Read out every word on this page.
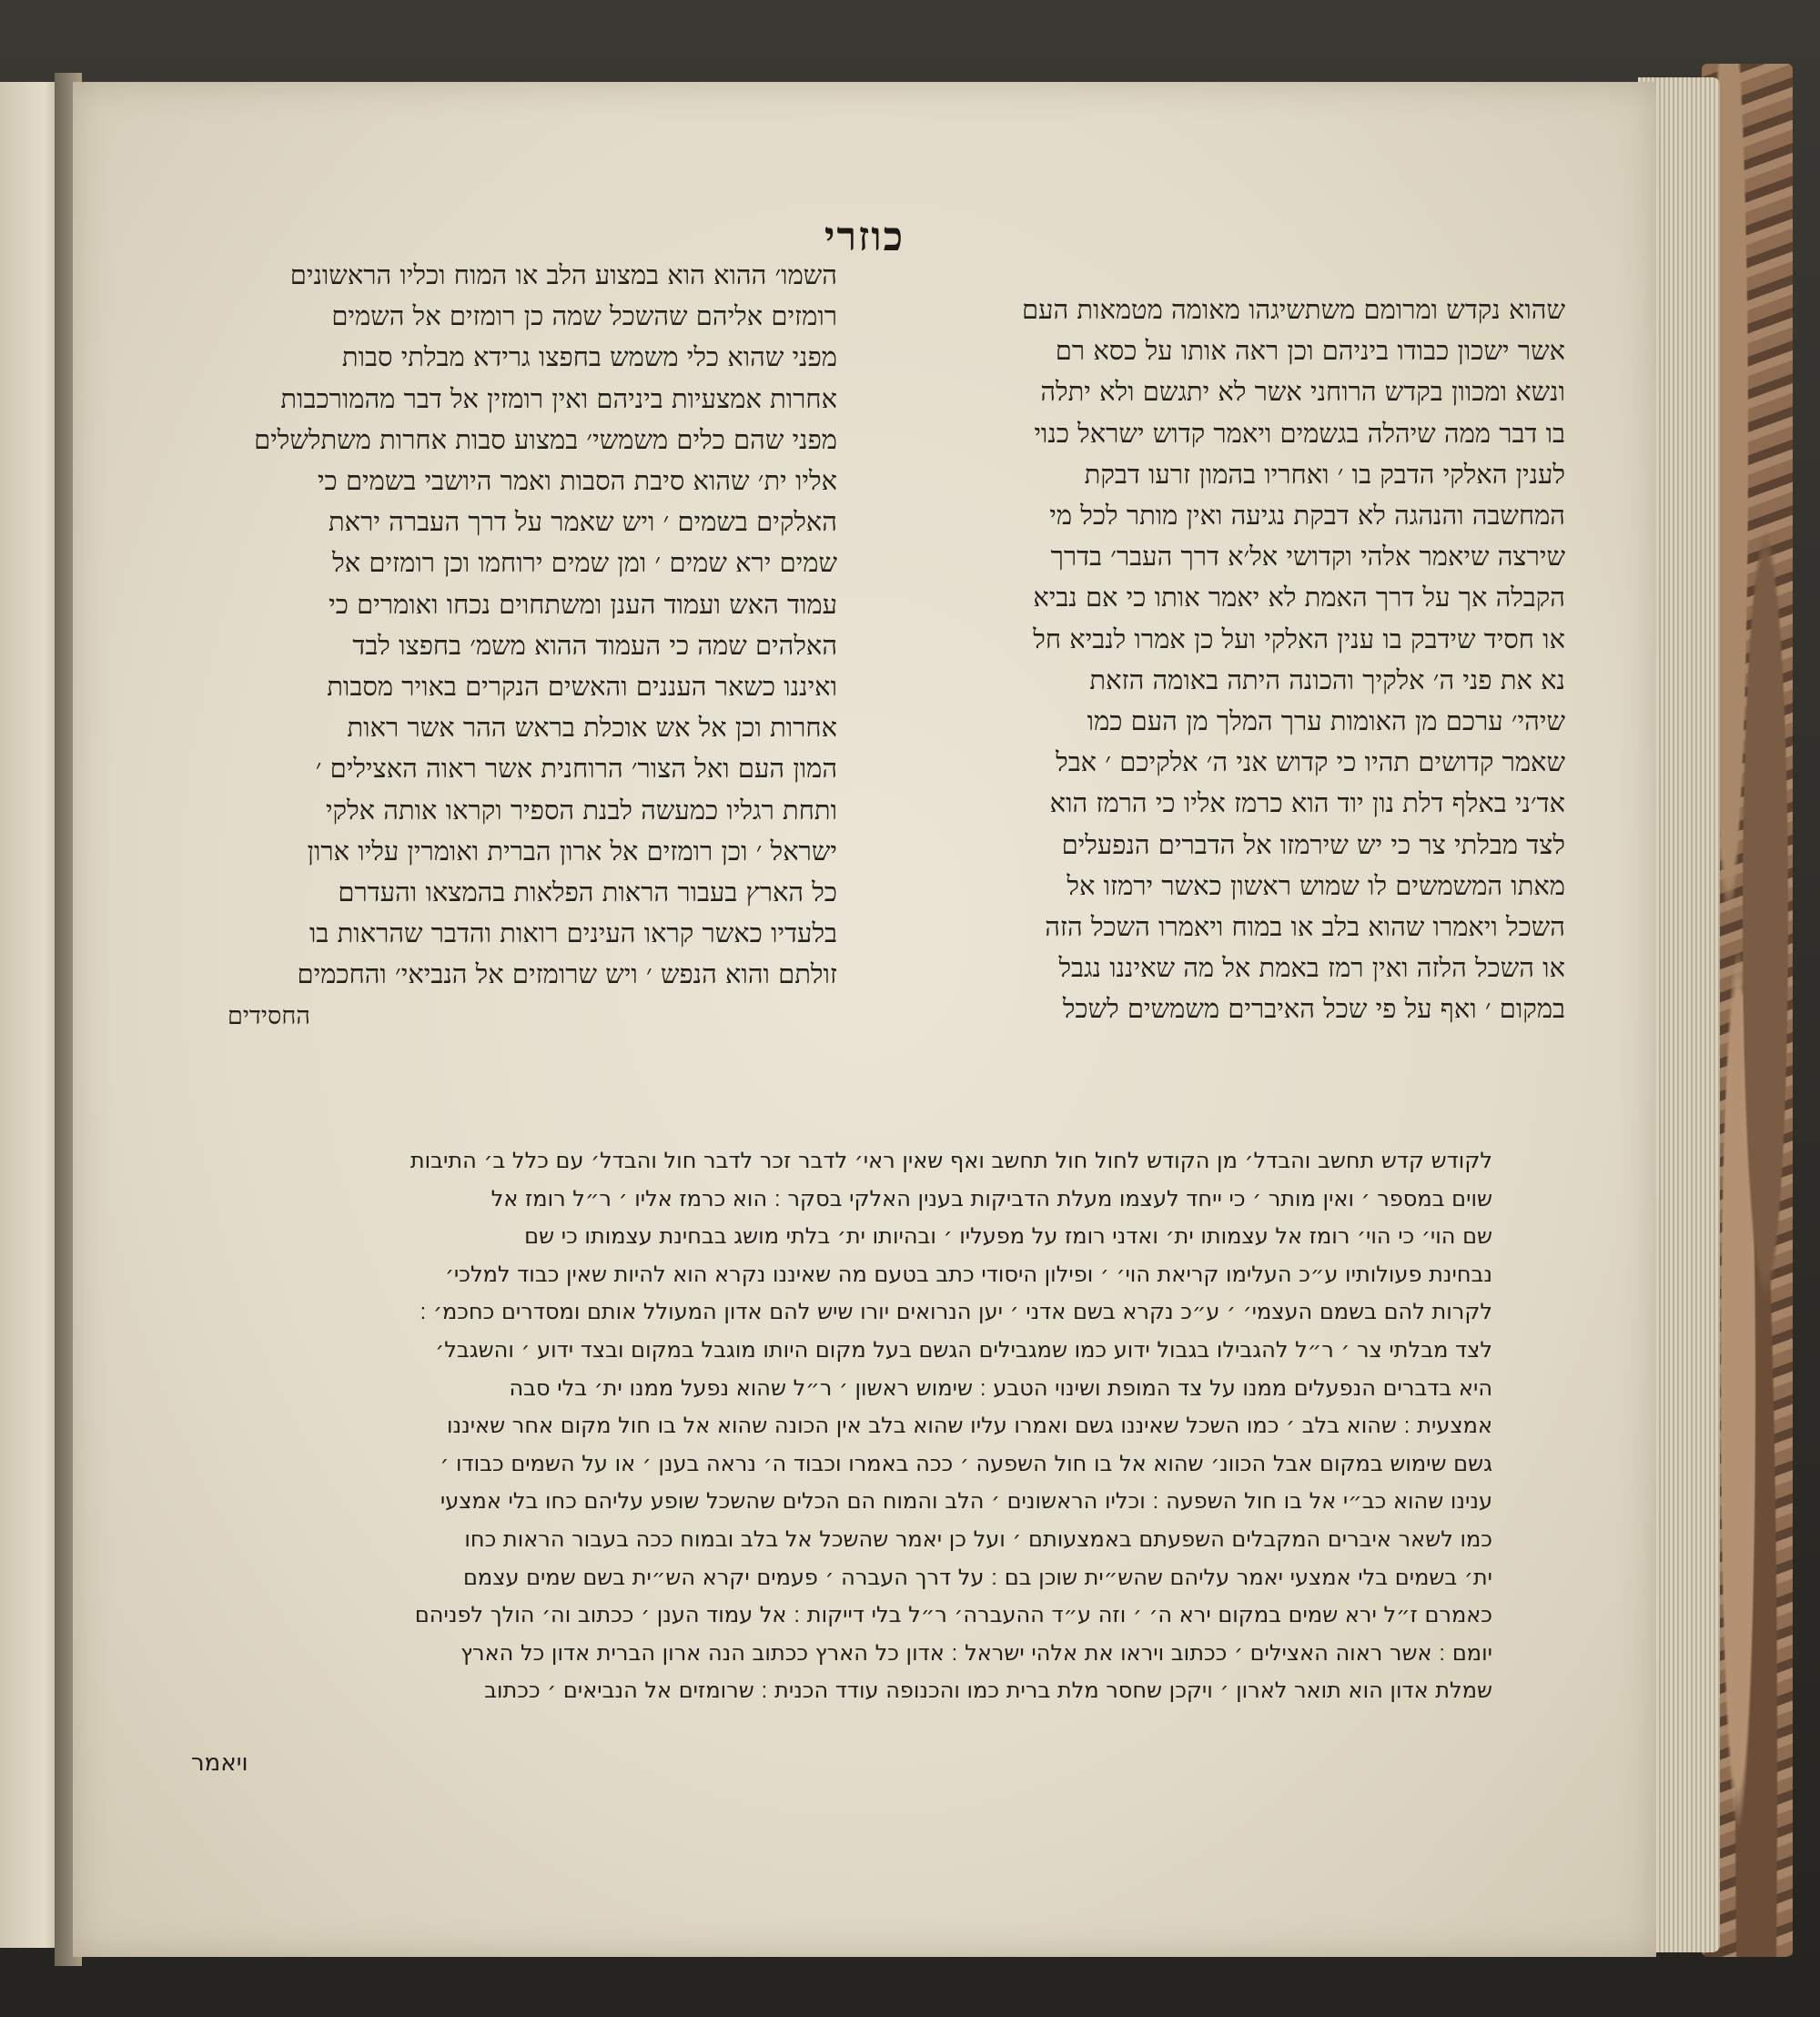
כוזרי
שהוא נקדש ומרומם משתשיגהו מאומה מטמאות העם
אשר ישכון כבודו ביניהם וכן ראה אותו על כסא רם
ונשא ומכוון בקדש הרוחני אשר לא יתגשם ולא יתלה
בו דבר ממה שיהלה בגשמים ויאמר קדוש ישראל כנוי
לענין האלקי הדבק בו ׳ ואחריו בהמון זרעו דבקת
המחשבה והנהגה לא דבקת נגיעה ואין מותר לכל מי
שירצה שיאמר אלהי וקדושי אל׳א דרך העבר׳ בדרך
הקבלה אך על דרך האמת לא יאמר אותו כי אם נביא
או חסיד שידבק בו ענין האלקי ועל כן אמרו לנביא חל
נא את פני ה׳ אלקיך והכונה היתה באומה הזאת
שיהי׳ ערכם מן האומות ערך המלך מן העם כמו
שאמר קדושים תהיו כי קדוש אני ה׳ אלקיכם ׳ אבל
אד׳ני באלף דלת נון יוד הוא כרמז אליו כי הרמז הוא
לצד מבלתי צר כי יש שירמזו אל הדברים הנפעלים
מאתו המשמשים לו שמוש ראשון כאשר ירמזו אל
השכל ויאמרו שהוא בלב או במוח ויאמרו השכל הזה
או השכל הלזה ואין רמז באמת אל מה שאיננו נגבל
במקום ׳ ואף על פי שכל האיברים משמשים לשכל
השמו׳ ההוא הוא במצוע הלב או המוח וכליו הראשונים
רומזים אליהם שהשכל שמה כן רומזים אל השמים
מפני שהוא כלי משמש בחפצו גרידא מבלתי סבות
אחרות אמצעיות ביניהם ואין רומזין אל דבר מהמורכבות
מפני שהם כלים משמשי׳ במצוע סבות אחרות משתלשלים
אליו ית׳ שהוא סיבת הסבות ואמר היושבי בשמים כי
האלקים בשמים ׳ ויש שאמר על דרך העברה יראת
שמים ירא שמים ׳ ומן שמים ירוחמו וכן רומזים אל
עמוד האש ועמוד הענן ומשתחוים נכחו ואומרים כי
האלהים שמה כי העמוד ההוא משמ׳ בחפצו לבד
ואיננו כשאר העננים והאשים הנקרים באויר מסבות
אחרות וכן אל אש אוכלת בראש ההר אשר ראות
המון העם ואל הצור׳ הרוחנית אשר ראוה האצילים ׳
ותחת רגליו כמעשה לבנת הספיר וקראו אותה אלקי
ישראל ׳ וכן רומזים אל ארון הברית ואומרין עליו ארון
כל הארץ בעבור הראות הפלאות בהמצאו והעדרם
בלעדיו כאשר קראו העינים רואות והדבר שהראות בו
זולתם והוא הנפש ׳ ויש שרומזים אל הנביאי׳ והחכמים
החסידים
לקודש קדש תחשב והבדל׳ מן הקודש לחול חול תחשב ואף שאין ראי׳ לדבר זכר לדבר חול והבדל׳ עם כלל ב׳ התיבות
שוים במספר ׳ ואין מותר ׳ כי ייחד לעצמו מעלת הדביקות בענין האלקי בסקר ׃ הוא כרמז אליו ׳ ר״ל רומז אל
שם הוי׳ כי הוי׳ רומז אל עצמותו ית׳ ואדני רומז על מפעליו ׳ ובהיותו ית׳ בלתי מושג בבחינת עצמותו כי שם
נבחינת פעולותיו ע״כ העלימו קריאת הוי׳ ׳ ופילון היסודי כתב בטעם מה שאיננו נקרא הוא להיות שאין כבוד למלכי׳
לקרות להם בשמם העצמי׳ ׳ ע״כ נקרא בשם אדני ׳ יען הנרואים יורו שיש להם אדון המעולל אותם ומסדרים כחכמ׳ ׃
לצד מבלתי צר ׳ ר״ל להגבילו בגבול ידוע כמו שמגבילים הגשם בעל מקום היותו מוגבל במקום ובצד ידוע ׳ והשגבל׳
היא בדברים הנפעלים ממנו על צד המופת ושינוי הטבע ׃ שימוש ראשון ׳ ר״ל שהוא נפעל ממנו ית׳ בלי סבה
אמצעית ׃ שהוא בלב ׳ כמו השכל שאיננו גשם ואמרו עליו שהוא בלב אין הכונה שהוא אל בו חול מקום אחר שאיננו
גשם שימוש במקום אבל הכוונ׳ שהוא אל בו חול השפעה ׳ ככה באמרו וכבוד ה׳ נראה בענן ׳ או על השמים כבודו ׳
ענינו שהוא כב״י אל בו חול השפעה ׃ וכליו הראשונים ׳ הלב והמוח הם הכלים שהשכל שופע עליהם כחו בלי אמצעי
כמו לשאר איברים המקבלים השפעתם באמצעותם ׳ ועל כן יאמר שהשכל אל בלב ובמוח ככה בעבור הראות כחו
ית׳ בשמים בלי אמצעי יאמר עליהם שהש״ית שוכן בם ׃ על דרך העברה ׳ פעמים יקרא הש״ית בשם שמים עצמם
כאמרם ז״ל ירא שמים במקום ירא ה׳ ׳ וזה ע״ד ההעברה׳ ר״ל בלי דייקות ׃ אל עמוד הענן ׳ ככתוב וה׳ הולך לפניהם
יומם ׃ אשר ראוה האצילים ׳ ככתוב ויראו את אלהי ישראל ׃ אדון כל הארץ ככתוב הנה ארון הברית אדון כל הארץ
שמלת אדון הוא תואר לארון ׳ ויקכן שחסר מלת ברית כמו והכנופה עודד הכנית ׃ שרומזים אל הנביאים ׳ ככתוב
ויאמר
